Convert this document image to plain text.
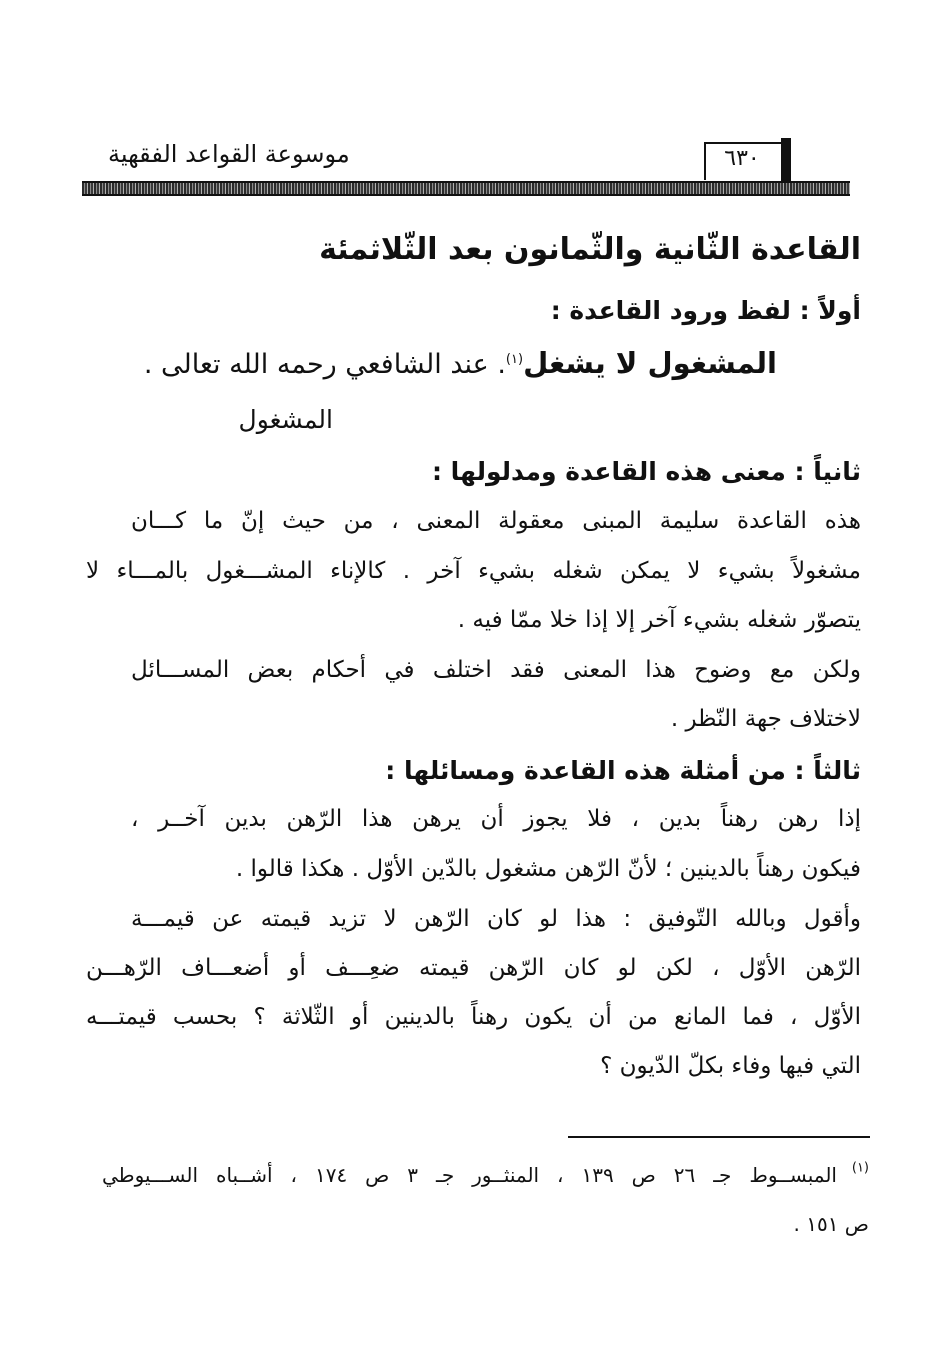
موسوعة القواعد الفقهية	٦٣٠
القاعدة الثّانية والثّمانون بعد الثّلاثمئة
أولاً : لفظ ورود القاعدة :
المشغول لا يشغل$^{(١)}$. عند الشافعي رحمه الله تعالى .
المشغول
ثانياً : معنى هذه القاعدة ومدلولها :
هذه القاعدة سليمة المبنى معقولة المعنى ، من حيث إنّ ما كـــان
مشغولاً بشيء لا يمكن شغله بشيء آخر . كالإناء المشـــغول بالمـــاء لا
يتصوّر شغله بشيء آخر إلا إذا خلا ممّا فيه .
ولكن مع وضوح هذا المعنى فقد اختلف في أحكام بعض المســـائل
لاختلاف جهة النّظر .
ثالثاً : من أمثلة هذه القاعدة ومسائلها :
إذا رهن رهناً بدين ، فلا يجوز أن يرهن هذا الرّهن بدين آخــر ،
فيكون رهناً بالدينين ؛ لأنّ الرّهن مشغول بالدّين الأوّل . هكذا قالوا .
وأقول وبالله التّوفيق : هذا لو كان الرّهن لا تزيد قيمته عن قيمـــة
الرّهن الأوّل ، لكن لو كان الرّهن قيمته ضعِـــف أو أضعـــاف الرّهـــن
الأوّل ، فما المانع من أن يكون رهناً بالدينين أو الثّلاثة ؟ بحسب قيمتـــه
التي فيها وفاء بكلّ الدّيون ؟
$^{(١)}$
المبســوط جـ ٢٦ ص ١٣٩ ، المنثــور جـ ٣ ص ١٧٤ ، أشــباه الســـيوطي
ص ١٥١ .
